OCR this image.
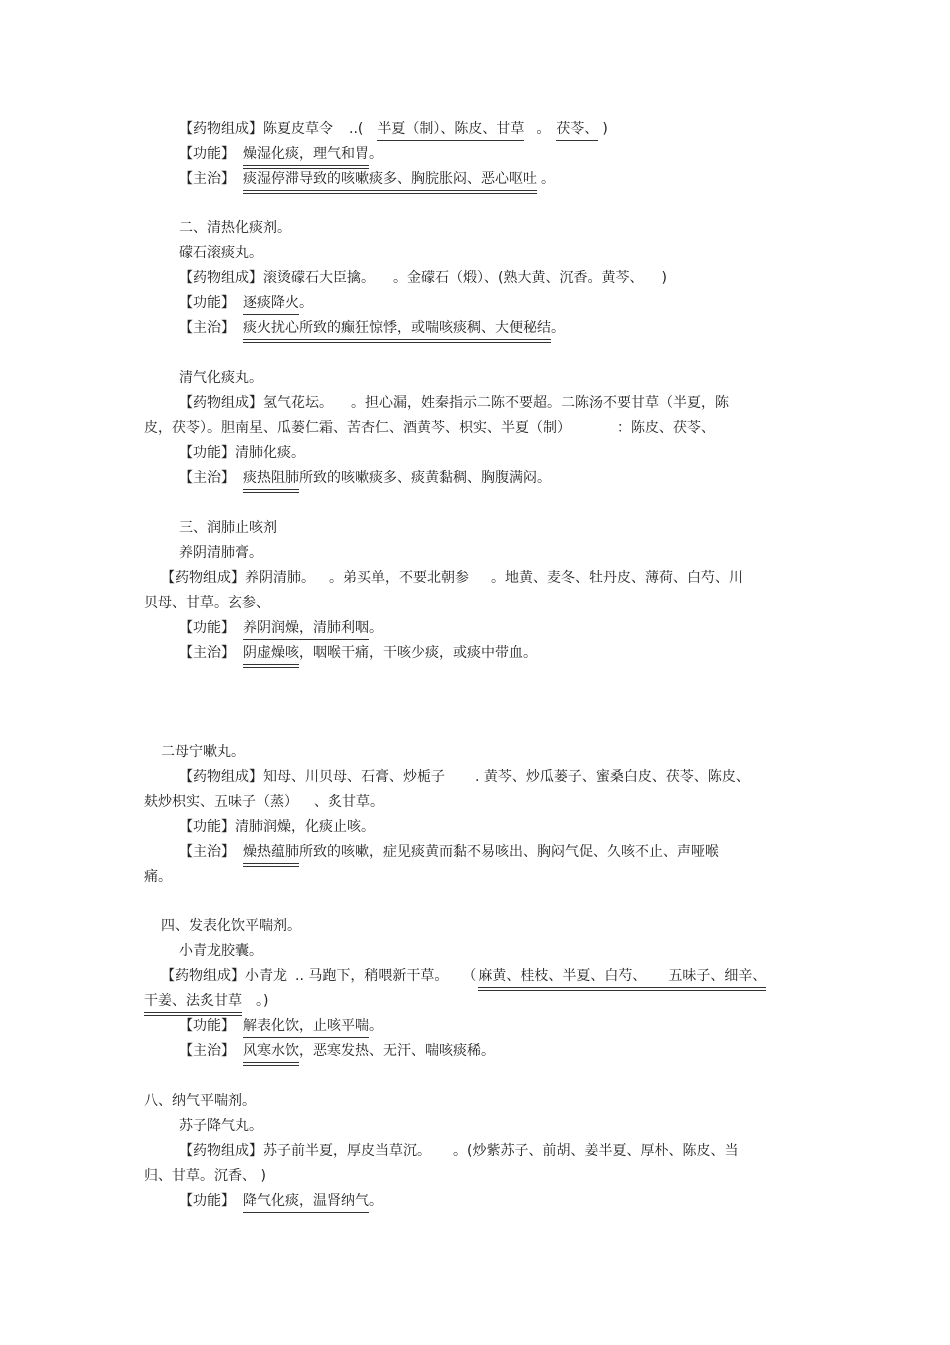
【药物组成】陈夏皮草令 ..( 半夏（制）、陈皮、甘草 。 茯苓、 )
【功能】 燥湿化痰，理气和胃。
【主治】 痰湿停滞导致的咳嗽痰多、胸脘胀闷、恶心呕吐 。
二、清热化痰剂。
礞石滚痰丸。
【药物组成】滚烫礞石大臣擒。 。金礞石（煅）、(熟大黄、沉香。黄芩、 )
【功能】 逐痰降火。
【主治】 痰火扰心所致的癫狂惊悸，或喘咳痰稠、大便秘结。
清气化痰丸。
【药物组成】氢气花坛。 。担心漏，姓秦指示二陈不要超。二陈汤不要甘草（半夏，陈
皮，茯苓）。胆南星、瓜蒌仁霜、苦杏仁、酒黄芩、枳实、半夏（制）	：陈皮、茯苓、
【功能】清肺化痰。
【主治】 痰热阻肺所致的咳嗽痰多、痰黄黏稠、胸腹满闷。
三、润肺止咳剂
养阴清肺膏。
【药物组成】养阴清肺。 。弟买单，不要北朝参 。地黄、麦冬、牡丹皮、薄荷、白芍、川
贝母、甘草。玄参、
【功能】 养阴润燥，清肺利咽。
【主治】 阴虚燥咳，咽喉干痛，干咳少痰，或痰中带血。
二母宁嗽丸。
【药物组成】知母、川贝母、石膏、炒栀子 . 黄芩、炒瓜蒌子、蜜桑白皮、茯苓、陈皮、
麸炒枳实、五味子（蒸） 、炙甘草。
【功能】清肺润燥，化痰止咳。
【主治】 燥热蕴肺所致的咳嗽，症见痰黄而黏不易咳出、胸闷气促、久咳不止、声哑喉
痛。
四、发表化饮平喘剂。
小青龙胶囊。
【药物组成】小青龙 .. 马跑下，稍喂新干草。 （ 麻黄、桂枝、半夏、白芍、 五味子、细辛、
干姜、法炙甘草 。)
【功能】 解表化饮，止咳平喘。
【主治】 风寒水饮，恶寒发热、无汗、喘咳痰稀。
八、纳气平喘剂。
苏子降气丸。
【药物组成】苏子前半夏，厚皮当草沉。 。(炒紫苏子、前胡、姜半夏、厚朴、陈皮、当
归、甘草。沉香、 )
【功能】 降气化痰，温肾纳气。
